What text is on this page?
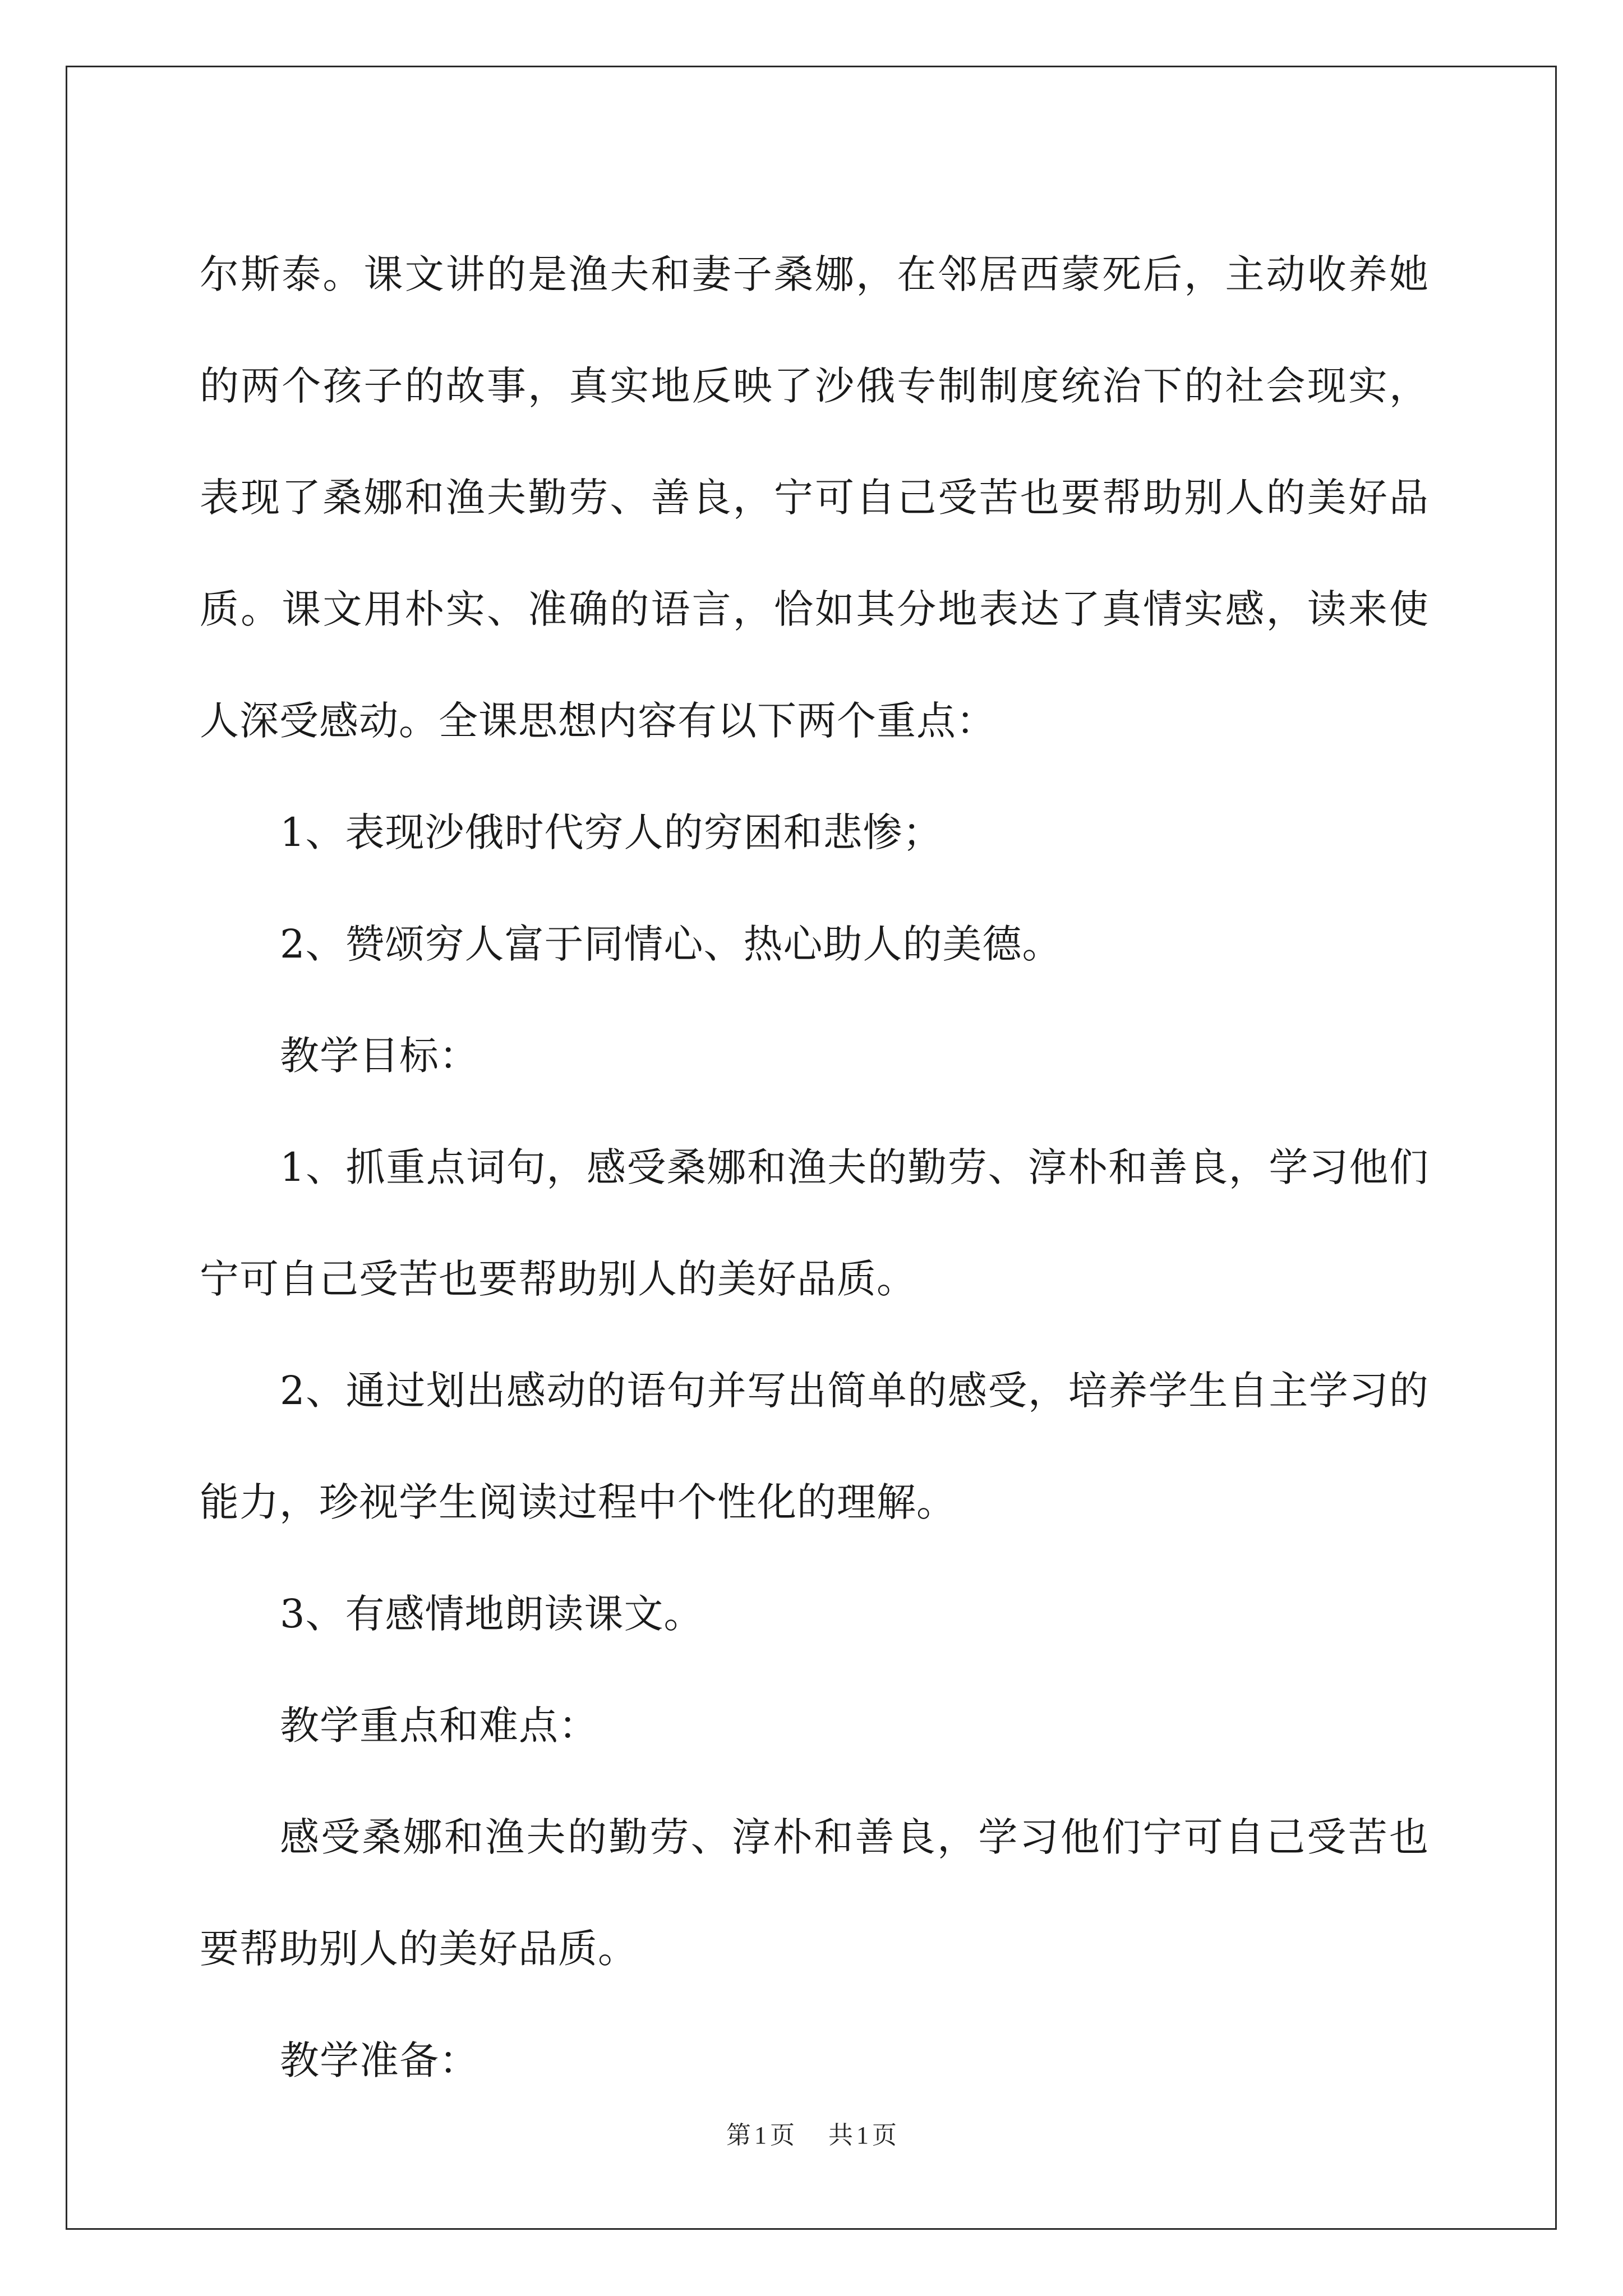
尔斯泰。课文讲的是渔夫和妻子桑娜，在邻居西蒙死后，主动收养她的两个孩子的故事，真实地反映了沙俄专制制度统治下的社会现实，表现了桑娜和渔夫勤劳、善良，宁可自己受苦也要帮助别人的美好品质。课文用朴实、准确的语言，恰如其分地表达了真情实感，读来使人深受感动。全课思想内容有以下两个重点：

1、表现沙俄时代穷人的穷困和悲惨；

2、赞颂穷人富于同情心、热心助人的美德。

教学目标：

1、抓重点词句，感受桑娜和渔夫的勤劳、淳朴和善良，学习他们宁可自己受苦也要帮助别人的美好品质。

2、通过划出感动的语句并写出简单的感受，培养学生自主学习的能力，珍视学生阅读过程中个性化的理解。

3、有感情地朗读课文。

教学重点和难点：

感受桑娜和渔夫的勤劳、淳朴和善良，学习他们宁可自己受苦也要帮助别人的美好品质。

教学准备：

第 1 页 共 1 页
